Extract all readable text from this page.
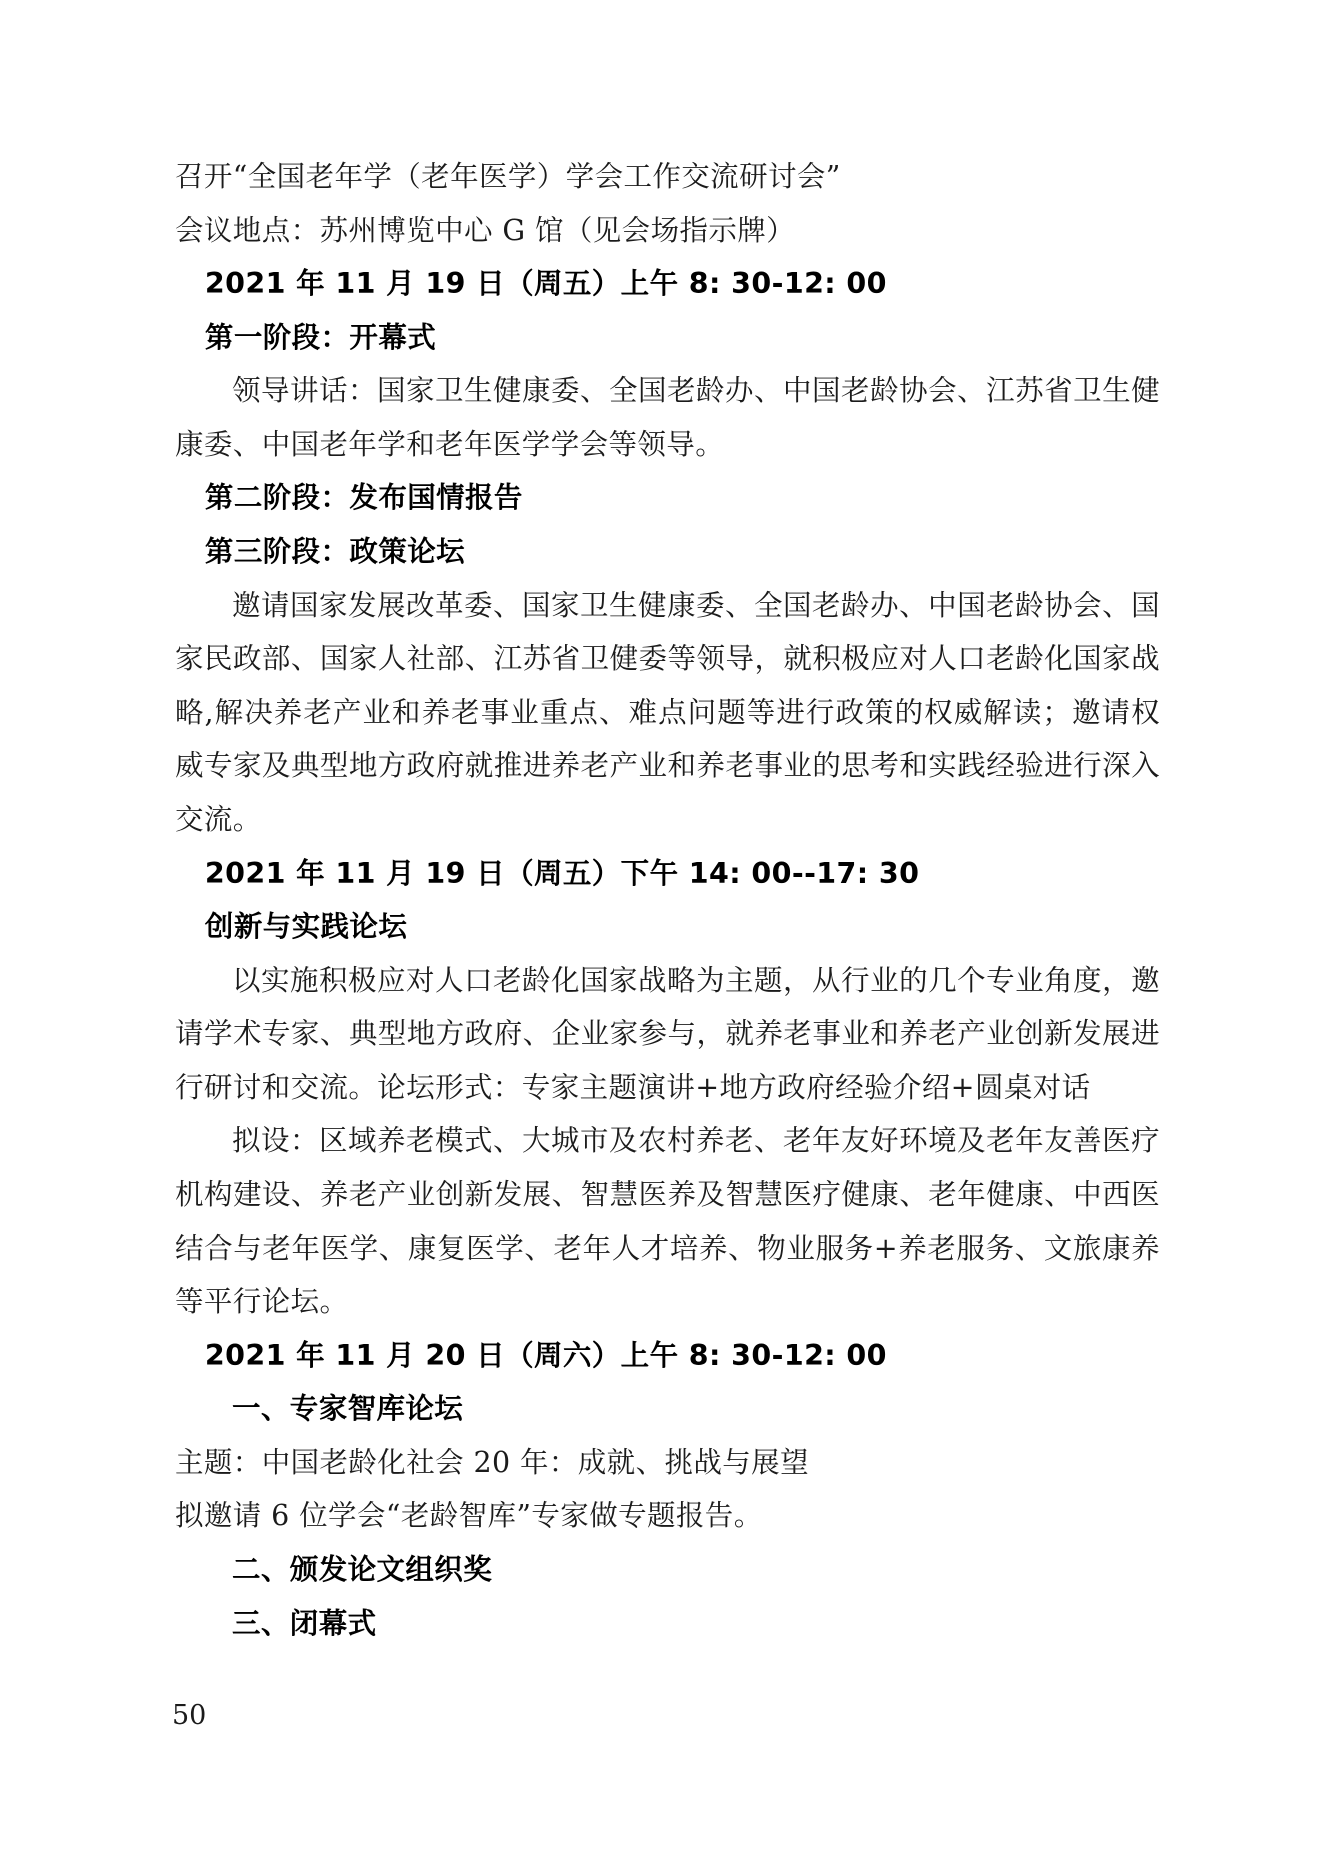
召开“全国老年学（老年医学）学会工作交流研讨会”

会议地点：苏州博览中心 G 馆（见会场指示牌）

2021 年 11 月 19 日（周五）上午 8: 30-12: 00

第一阶段：开幕式

领导讲话：国家卫生健康委、全国老龄办、中国老龄协会、江苏省卫生健康委、中国老年学和老年医学学会等领导。

第二阶段：发布国情报告

第三阶段：政策论坛

邀请国家发展改革委、国家卫生健康委、全国老龄办、中国老龄协会、国家民政部、国家人社部、江苏省卫健委等领导，就积极应对人口老龄化国家战略,解决养老产业和养老事业重点、难点问题等进行政策的权威解读；邀请权威专家及典型地方政府就推进养老产业和养老事业的思考和实践经验进行深入交流。

2021 年 11 月 19 日（周五）下午 14: 00--17: 30

创新与实践论坛

以实施积极应对人口老龄化国家战略为主题，从行业的几个专业角度，邀请学术专家、典型地方政府、企业家参与，就养老事业和养老产业创新发展进行研讨和交流。论坛形式：专家主题演讲+地方政府经验介绍+圆桌对话

拟设：区域养老模式、大城市及农村养老、老年友好环境及老年友善医疗机构建设、养老产业创新发展、智慧医养及智慧医疗健康、老年健康、中西医结合与老年医学、康复医学、老年人才培养、物业服务+养老服务、文旅康养等平行论坛。

2021 年 11 月 20 日（周六）上午 8: 30-12: 00

一、专家智库论坛

主题：中国老龄化社会 20 年：成就、挑战与展望

拟邀请 6 位学会“老龄智库”专家做专题报告。

二、颁发论文组织奖

三、闭幕式

50
